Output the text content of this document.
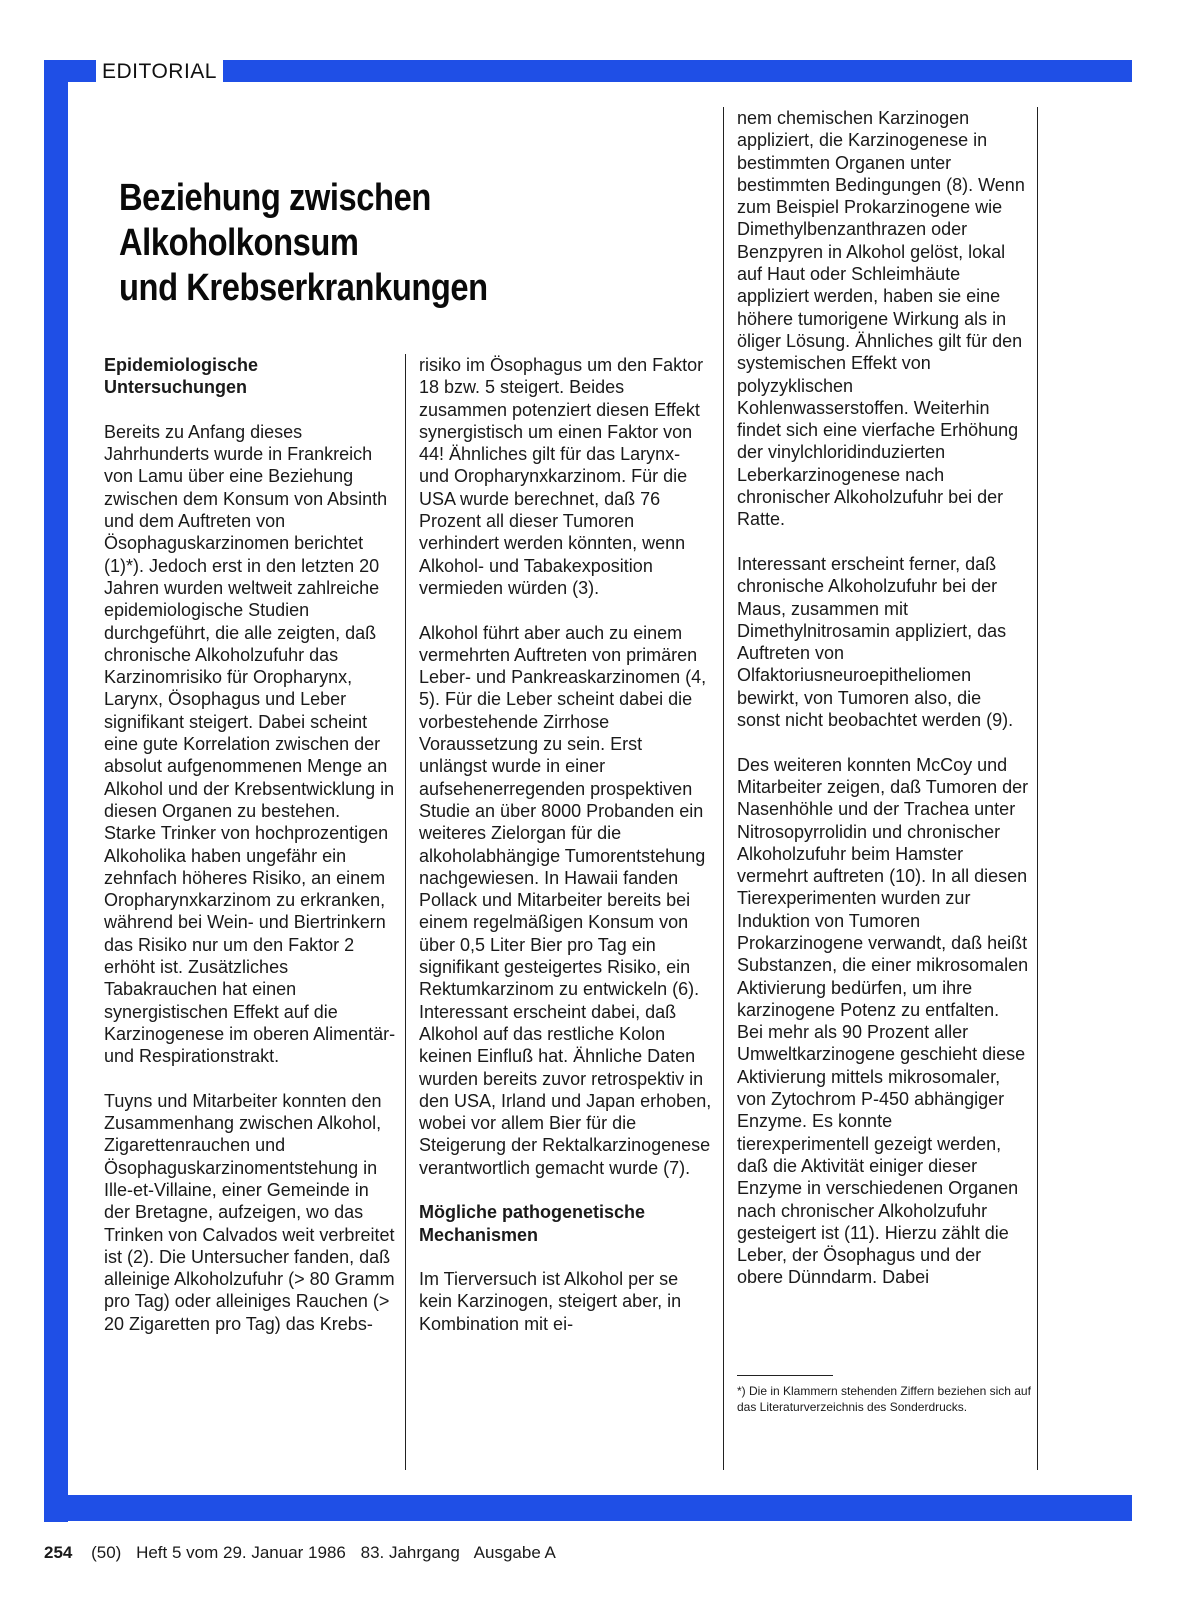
EDITORIAL
Beziehung zwischen
Alkoholkonsum
und Krebserkrankungen
Epidemiologische
Untersuchungen

Bereits zu Anfang dieses Jahrhunderts wurde in Frankreich von Lamu über eine Beziehung zwischen dem Konsum von Absinth und dem Auftreten von Ösophaguskarzinomen berichtet (1)*). Jedoch erst in den letzten 20 Jahren wurden weltweit zahlreiche epidemiologische Studien durchgeführt, die alle zeigten, daß chronische Alkoholzufuhr das Karzinomrisiko für Oropharynx, Larynx, Ösophagus und Leber signifikant steigert. Dabei scheint eine gute Korrelation zwischen der absolut aufgenommenen Menge an Alkohol und der Krebsentwicklung in diesen Organen zu bestehen. Starke Trinker von hochprozentigen Alkoholika haben ungefähr ein zehnfach höheres Risiko, an einem Oropharynxkarzinom zu erkranken, während bei Wein- und Biertrinkern das Risiko nur um den Faktor 2 erhöht ist. Zusätzliches Tabakrauchen hat einen synergistischen Effekt auf die Karzinogenese im oberen Alimentär- und Respirationstrakt.

Tuyns und Mitarbeiter konnten den Zusammenhang zwischen Alkohol, Zigarettenrauchen und Ösophaguskarzinomentstehung in Ille-et-Villaine, einer Gemeinde in der Bretagne, aufzeigen, wo das Trinken von Calvados weit verbreitet ist (2). Die Untersucher fanden, daß alleinige Alkoholzufuhr (> 80 Gramm pro Tag) oder alleiniges Rauchen (> 20 Zigaretten pro Tag) das Krebs-

risiko im Ösophagus um den Faktor 18 bzw. 5 steigert. Beides zusammen potenziert diesen Effekt synergistisch um einen Faktor von 44! Ähnliches gilt für das Larynx- und Oropharynxkarzinom. Für die USA wurde berechnet, daß 76 Prozent all dieser Tumoren verhindert werden könnten, wenn Alkohol- und Tabakexposition vermieden würden (3).

Alkohol führt aber auch zu einem vermehrten Auftreten von primären Leber- und Pankreaskarzinomen (4, 5). Für die Leber scheint dabei die vorbestehende Zirrhose Voraussetzung zu sein. Erst unlängst wurde in einer aufsehenerregenden prospektiven Studie an über 8000 Probanden ein weiteres Zielorgan für die alkoholabhängige Tumorentstehung nachgewiesen. In Hawaii fanden Pollack und Mitarbeiter bereits bei einem regelmäßigen Konsum von über 0,5 Liter Bier pro Tag ein signifikant gesteigertes Risiko, ein Rektumkarzinom zu entwickeln (6). Interessant erscheint dabei, daß Alkohol auf das restliche Kolon keinen Einfluß hat. Ähnliche Daten wurden bereits zuvor retrospektiv in den USA, Irland und Japan erhoben, wobei vor allem Bier für die Steigerung der Rektalkarzinogenese verantwortlich gemacht wurde (7).

Mögliche pathogenetische
Mechanismen

Im Tierversuch ist Alkohol per se kein Karzinogen, steigert aber, in Kombination mit ei-

nem chemischen Karzinogen appliziert, die Karzinogenese in bestimmten Organen unter bestimmten Bedingungen (8). Wenn zum Beispiel Prokarzinogene wie Dimethylbenzanthrazen oder Benzpyren in Alkohol gelöst, lokal auf Haut oder Schleimhäute appliziert werden, haben sie eine höhere tumorigene Wirkung als in öliger Lösung. Ähnliches gilt für den systemischen Effekt von polyzyklischen Kohlenwasserstoffen. Weiterhin findet sich eine vierfache Erhöhung der vinylchloridinduzierten Leberkarzinogenese nach chronischer Alkoholzufuhr bei der Ratte.

Interessant erscheint ferner, daß chronische Alkoholzufuhr bei der Maus, zusammen mit Dimethylnitrosamin appliziert, das Auftreten von Olfaktoriusneuroepitheliomen bewirkt, von Tumoren also, die sonst nicht beobachtet werden (9).

Des weiteren konnten McCoy und Mitarbeiter zeigen, daß Tumoren der Nasenhöhle und der Trachea unter Nitrosopyrrolidin und chronischer Alkoholzufuhr beim Hamster vermehrt auftreten (10). In all diesen Tierexperimenten wurden zur Induktion von Tumoren Prokarzinogene verwandt, daß heißt Substanzen, die einer mikrosomalen Aktivierung bedürfen, um ihre karzinogene Potenz zu entfalten. Bei mehr als 90 Prozent aller Umweltkarzinogene geschieht diese Aktivierung mittels mikrosomaler, von Zytochrom P-450 abhängiger Enzyme. Es konnte tierexperimentell gezeigt werden, daß die Aktivität einiger dieser Enzyme in verschiedenen Organen nach chronischer Alkoholzufuhr gesteigert ist (11). Hierzu zählt die Leber, der Ösophagus und der obere Dünndarm. Dabei

*) Die in Klammern stehenden Ziffern beziehen sich auf das Literaturverzeichnis des Sonderdrucks.
254 (50) Heft 5 vom 29. Januar 1986 83. Jahrgang Ausgabe A
